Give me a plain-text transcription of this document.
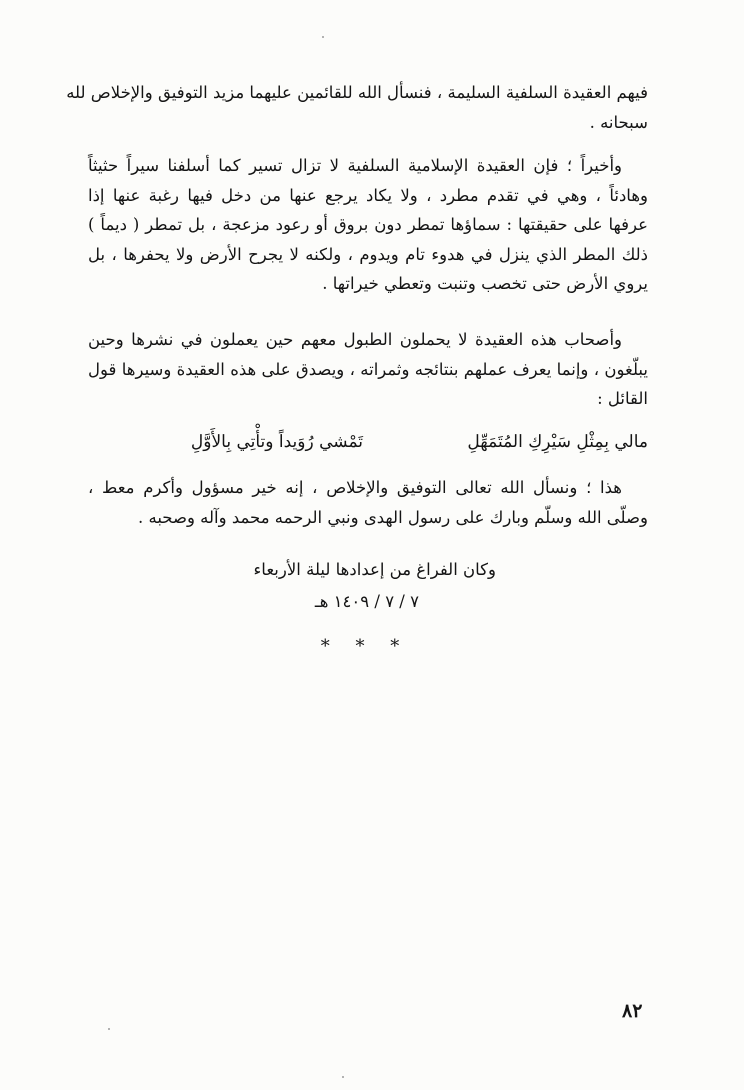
فيهم العقيدة السلفية السليمة ، فنسأل الله للقائمين عليهما مزيد التوفيق والإخلاص لله
سبحانه .

وأخيراً ؛ فإن العقيدة الإسلامية السلفية لا تزال تسير كما أسلفنا سيراً حثيثاً
وهادئاً ، وهي في تقدم مطرد ، ولا يكاد يرجع عنها من دخل فيها رغبة عنها إذا
عرفها على حقيقتها : سماؤها تمطر دون بروق أو رعود مزعجة ، بل تمطر ( ديماً )
ذلك المطر الذي ينزل في هدوء تام ويدوم ، ولكنه لا يجرح الأرض ولا يحفرها ، بل
يروي الأرض حتى تخصب وتنبت وتعطي خيراتها .

وأصحاب هذه العقيدة لا يحملون الطبول معهم حين يعملون في نشرها وحين
يبلّغون ، وإنما يعرف عملهم بنتائجه وثمراته ، ويصدق على هذه العقيدة وسيرها قول
القائل :

مالي بِمِثْلِ سَيْرِكِ المُتَمَهِّلِ
تَمْشي رُوَيداً وتأْتِي بِالأَوَّلِ

هذا ؛ ونسأل الله تعالى التوفيق والإخلاص ، إنه خير مسؤول وأكرم معط ،
وصلّى الله وسلّم وبارك على رسول الهدى ونبي الرحمه محمد وآله وصحبه .

وكان الفراغ من إعدادها ليلة الأربعاء
٧ / ٧ / ١٤٠٩ هـ
* * *
٨٢
